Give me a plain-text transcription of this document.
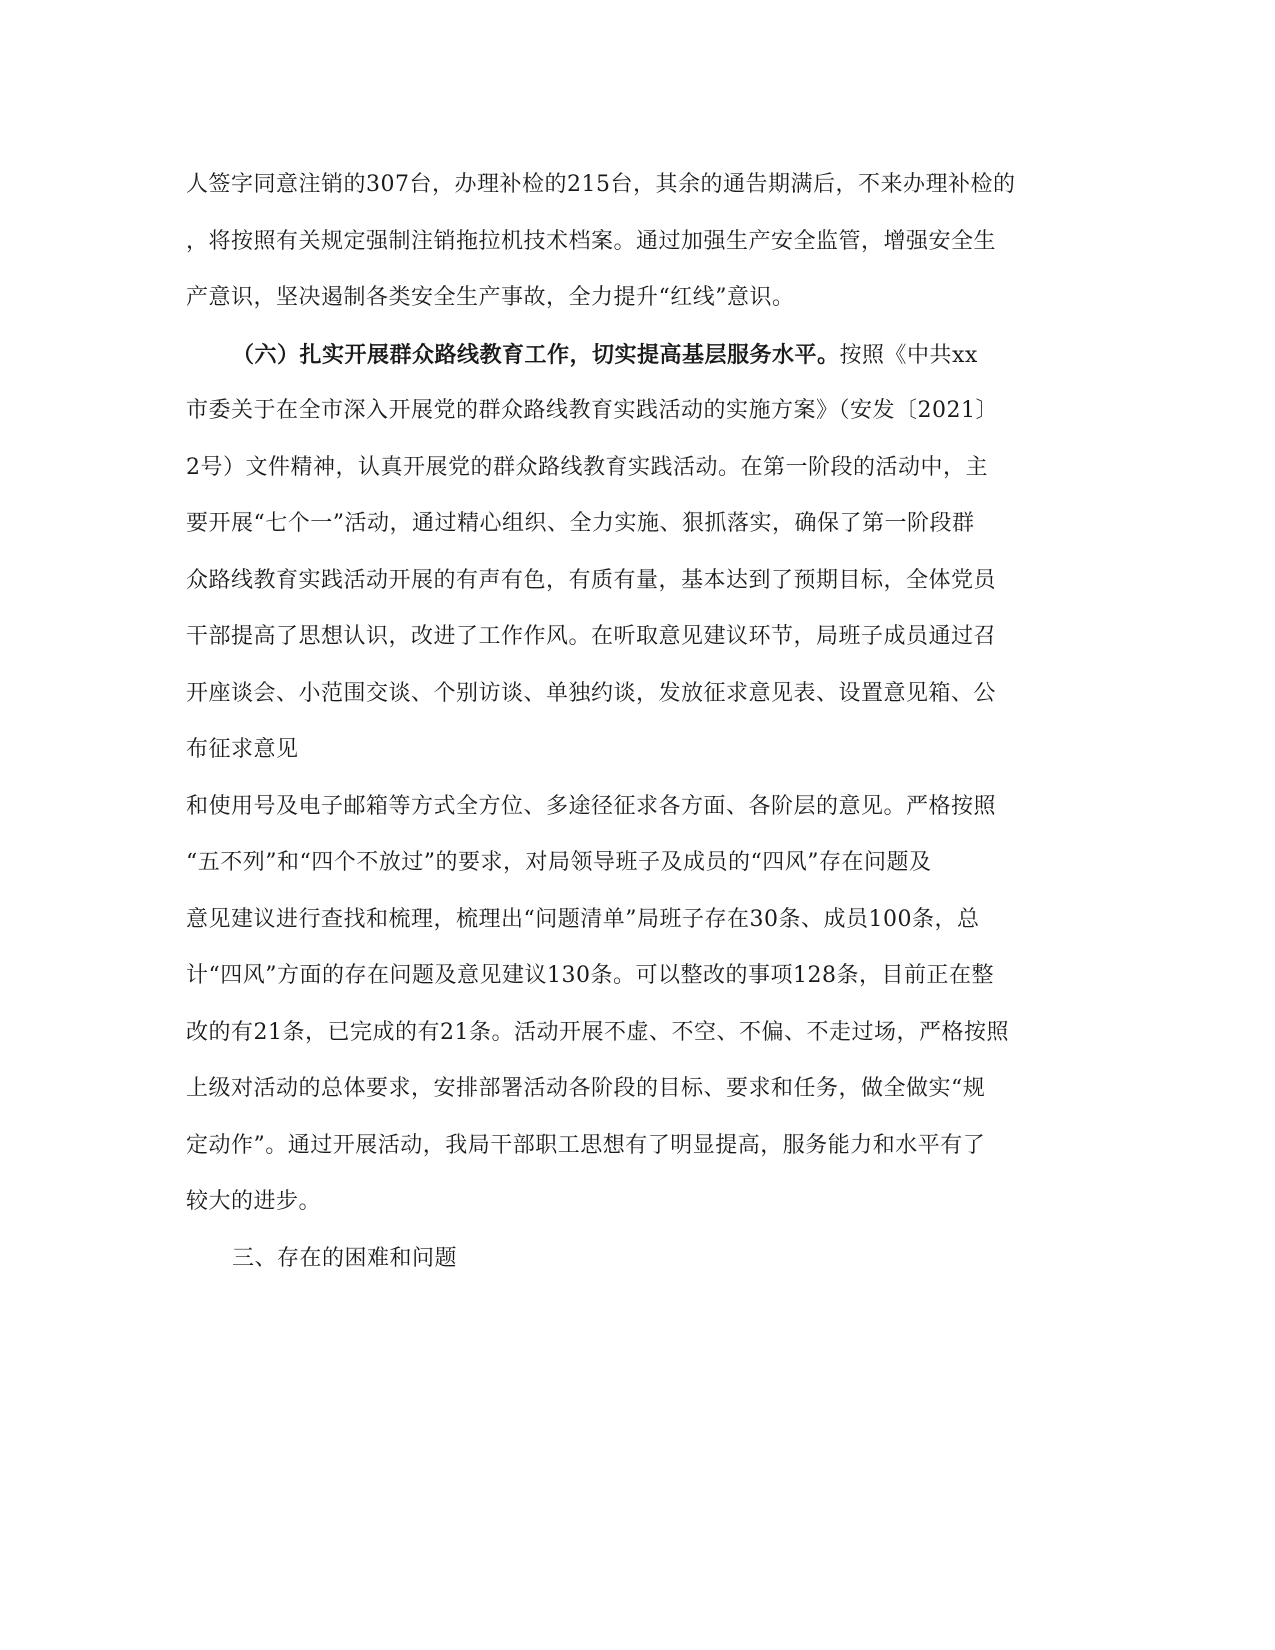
人签字同意注销的307台，办理补检的215台，其余的通告期满后，不来办理补检的
，将按照有关规定强制注销拖拉机技术档案。通过加强生产安全监管，增强安全生
产意识，坚决遏制各类安全生产事故，全力提升“红线”意识。
（六）扎实开展群众路线教育工作，切实提高基层服务水平。按照《中共xx
市委关于在全市深入开展党的群众路线教育实践活动的实施方案》（安发〔2021〕
2号）文件精神，认真开展党的群众路线教育实践活动。在第一阶段的活动中，主
要开展“七个一”活动，通过精心组织、全力实施、狠抓落实，确保了第一阶段群
众路线教育实践活动开展的有声有色，有质有量，基本达到了预期目标，全体党员
干部提高了思想认识，改进了工作作风。在听取意见建议环节，局班子成员通过召
开座谈会、小范围交谈、个别访谈、单独约谈，发放征求意见表、设置意见箱、公
布征求意见
和使用号及电子邮箱等方式全方位、多途径征求各方面、各阶层的意见。严格按照
“五不列”和“四个不放过”的要求，对局领导班子及成员的“四风”存在问题及
意见建议进行查找和梳理，梳理出“问题清单”局班子存在30条、成员100条，总
计“四风”方面的存在问题及意见建议130条。可以整改的事项128条，目前正在整
改的有21条，已完成的有21条。活动开展不虚、不空、不偏、不走过场，严格按照
上级对活动的总体要求，安排部署活动各阶段的目标、要求和任务，做全做实“规
定动作”。通过开展活动，我局干部职工思想有了明显提高，服务能力和水平有了
较大的进步。
三、存在的困难和问题
